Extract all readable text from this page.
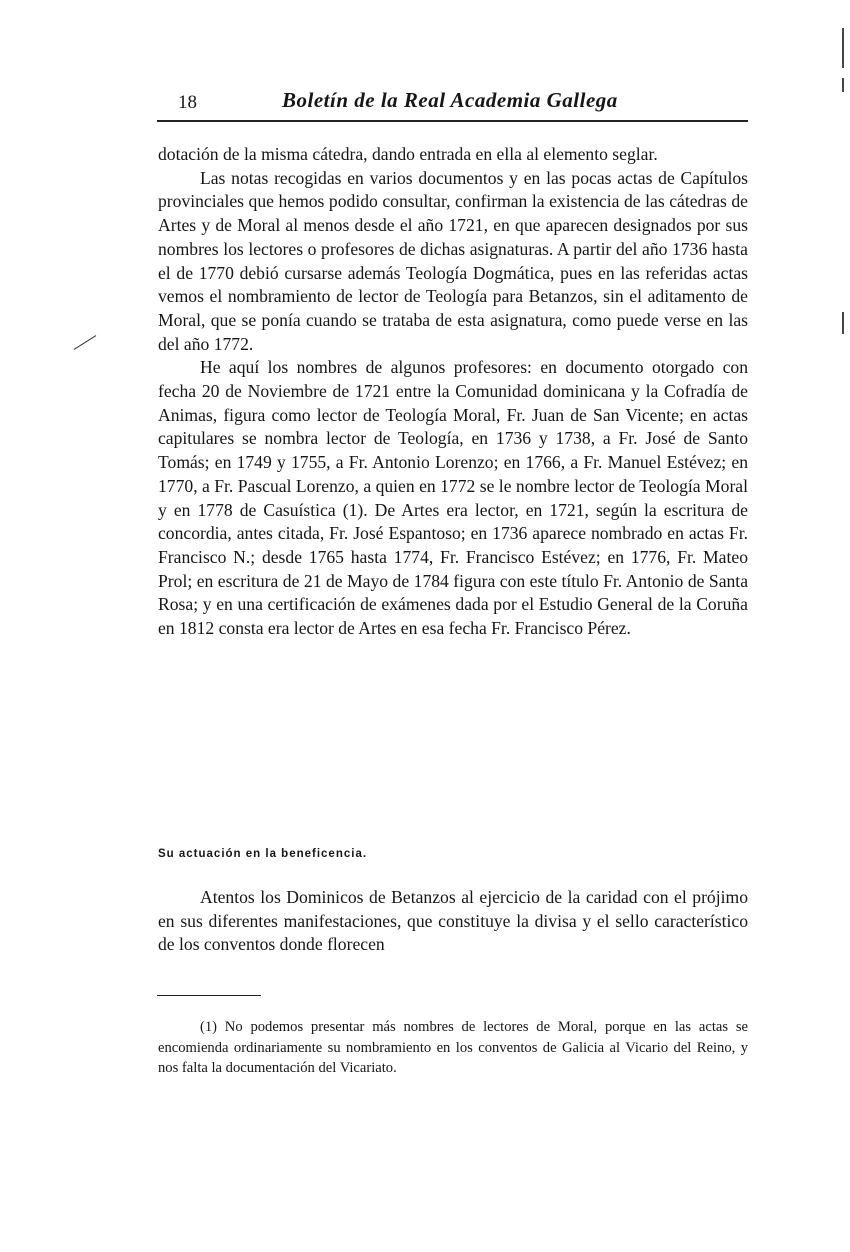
18	Boletín de la Real Academia Gallega

dotación de la misma cátedra, dando entrada en ella al elemento seglar.

Las notas recogidas en varios documentos y en las pocas actas de Capítulos provinciales que hemos podido consultar, confirman la existencia de las cátedras de Artes y de Moral al menos desde el año 1721, en que aparecen designados por sus nombres los lectores o profesores de dichas asignaturas. A partir del año 1736 hasta el de 1770 debió cursarse además Teología Dogmática, pues en las referidas actas vemos el nombramiento de lector de Teología para Betanzos, sin el aditamento de Moral, que se ponía cuando se trataba de esta asignatura, como puede verse en las del año 1772.

He aquí los nombres de algunos profesores: en documento otorgado con fecha 20 de Noviembre de 1721 entre la Comunidad dominicana y la Cofradía de Animas, figura como lector de Teología Moral, Fr. Juan de San Vicente; en actas capitulares se nombra lector de Teología, en 1736 y 1738, a Fr. José de Santo Tomás; en 1749 y 1755, a Fr. Antonio Lorenzo; en 1766, a Fr. Manuel Estévez; en 1770, a Fr. Pascual Lorenzo, a quien en 1772 se le nombre lector de Teología Moral y en 1778 de Casuística (1). De Artes era lector, en 1721, según la escritura de concordia, antes citada, Fr. José Espantoso; en 1736 aparece nombrado en actas Fr. Francisco N.; desde 1765 hasta 1774, Fr. Francisco Estévez; en 1776, Fr. Mateo Prol; en escritura de 21 de Mayo de 1784 figura con este título Fr. Antonio de Santa Rosa; y en una certificación de exámenes dada por el Estudio General de la Coruña en 1812 consta era lector de Artes en esa fecha Fr. Francisco Pérez.

Su actuación en la beneficencia.

Atentos los Dominicos de Betanzos al ejercicio de la caridad con el prójimo en sus diferentes manifestaciones, que constituye la divisa y el sello característico de los conventos donde florecen

(1) No podemos presentar más nombres de lectores de Moral, porque en las actas se encomienda ordinariamente su nombramiento en los conventos de Galicia al Vicario del Reino, y nos falta la documentación del Vicariato.
